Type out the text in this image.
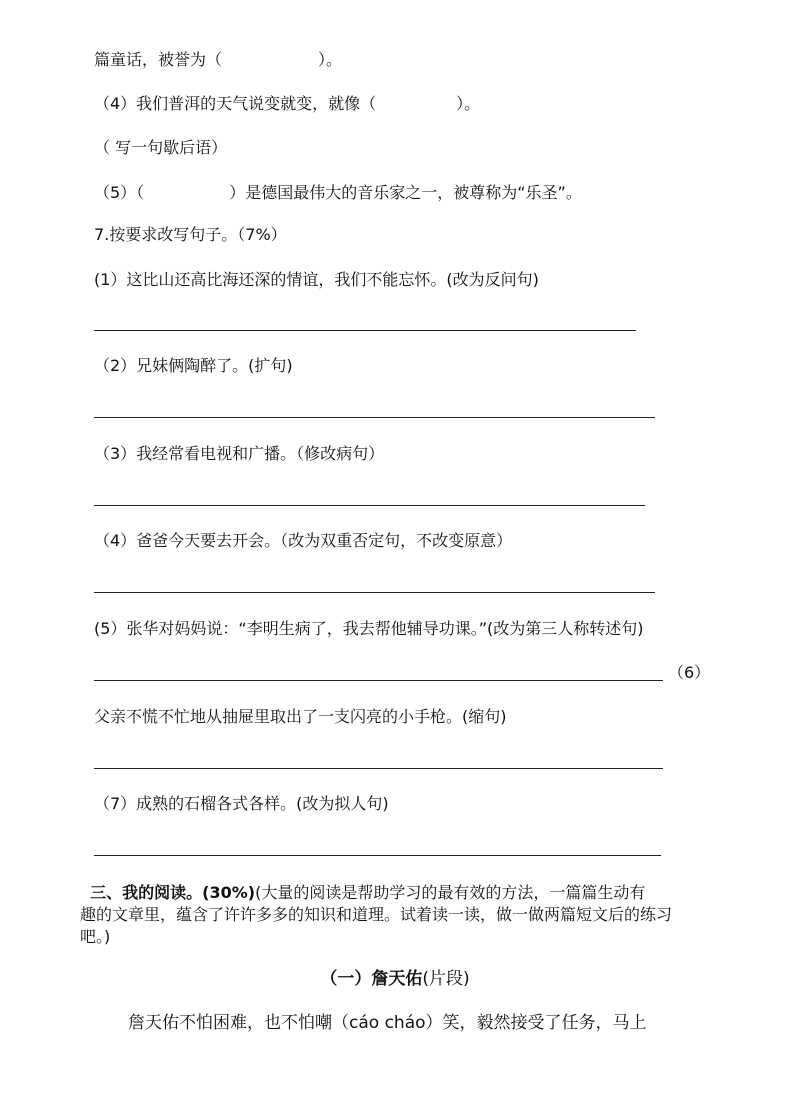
篇童话，被誉为（　　　　　　）。
（4）我们普洱的天气说变就变，就像（　　　　　）。
（ 写一句歇后语）
（5）（　　　　　 ）是德国最伟大的音乐家之一，被尊称为“乐圣”。
7.按要求改写句子。（7%）
(1）这比山还高比海还深的情谊，我们不能忘怀。(改为反问句)
（2）兄妹俩陶醉了。(扩句)
（3）我经常看电视和广播。（修改病句）
（4）爸爸今天要去开会。（改为双重否定句，不改变原意）
(5）张华对妈妈说：“李明生病了，我去帮他辅导功课。”(改为第三人称转述句)
（6）
父亲不慌不忙地从抽屉里取出了一支闪亮的小手枪。(缩句)
（7）成熟的石榴各式各样。(改为拟人句)
三、我的阅读。(30%)(大量的阅读是帮助学习的最有效的方法，一篇篇生动有
趣的文章里，蕴含了许许多多的知识和道理。试着读一读，做一做两篇短文后的练习
吧。)
（一）詹天佑(片段)
詹天佑不怕困难，也不怕嘲（cáo cháo）笑，毅然接受了任务，马上
